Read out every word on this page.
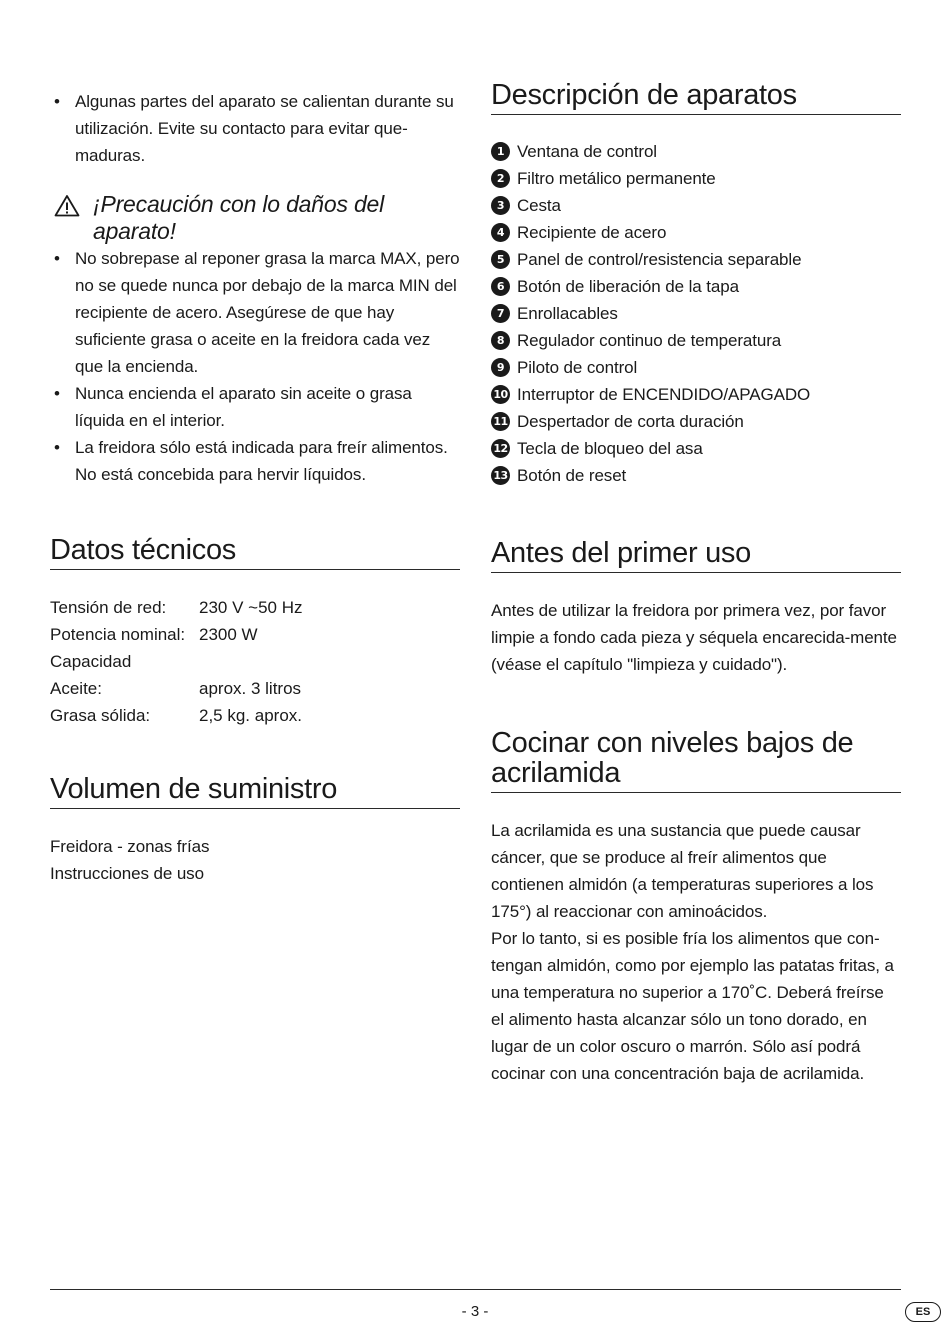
• Algunas partes del aparato se calientan durante su utilización. Evite su contacto para evitar que-maduras.
¡Precaución con lo daños del aparato!
• No sobrepase al reponer grasa la marca MAX, pero no se quede nunca por debajo de la marca MIN del recipiente de acero. Asegúrese de que hay suficiente grasa o aceite en la freidora cada vez que la encienda.
• Nunca encienda el aparato sin aceite o grasa líquida en el interior.
• La freidora sólo está indicada para freír alimentos. No está concebida para hervir líquidos.
Datos técnicos
Tensión de red:	230 V ~50 Hz
Potencia nominal: 2300 W
Capacidad
Aceite:	aprox. 3 litros
Grasa sólida:	2,5 kg. aprox.
Volumen de suministro

Freidora - zonas frías

Instrucciones de uso

Descripción de aparatos
1 Ventana de control
2 Filtro metálico permanente
3 Cesta
4 Recipiente de acero
5 Panel de control/resistencia separable
6 Botón de liberación de la tapa
7 Enrollacables
8 Regulador continuo de temperatura
9 Piloto de control
10 Interruptor de ENCENDIDO/APAGADO
11 Despertador de corta duración
12 Tecla de bloqueo del asa
13 Botón de reset
Antes del primer uso

Antes de utilizar la freidora por primera vez, por favor limpie a fondo cada pieza y séquela encarecida-mente (véase el capítulo "limpieza y cuidado").

Cocinar con niveles bajos de acrilamida

La acrilamida es una sustancia que puede causar cáncer, que se produce al freír alimentos que contienen almidón (a temperaturas superiores a los 175°) al reaccionar con aminoácidos.

Por lo tanto, si es posible fría los alimentos que con-tengan almidón, como por ejemplo las patatas fritas, a una temperatura no superior a 170˚C. Deberá freírse el alimento hasta alcanzar sólo un tono dorado, en lugar de un color oscuro o marrón. Sólo así podrá cocinar con una concentración baja de acrilamida.

- 3 -	ES
